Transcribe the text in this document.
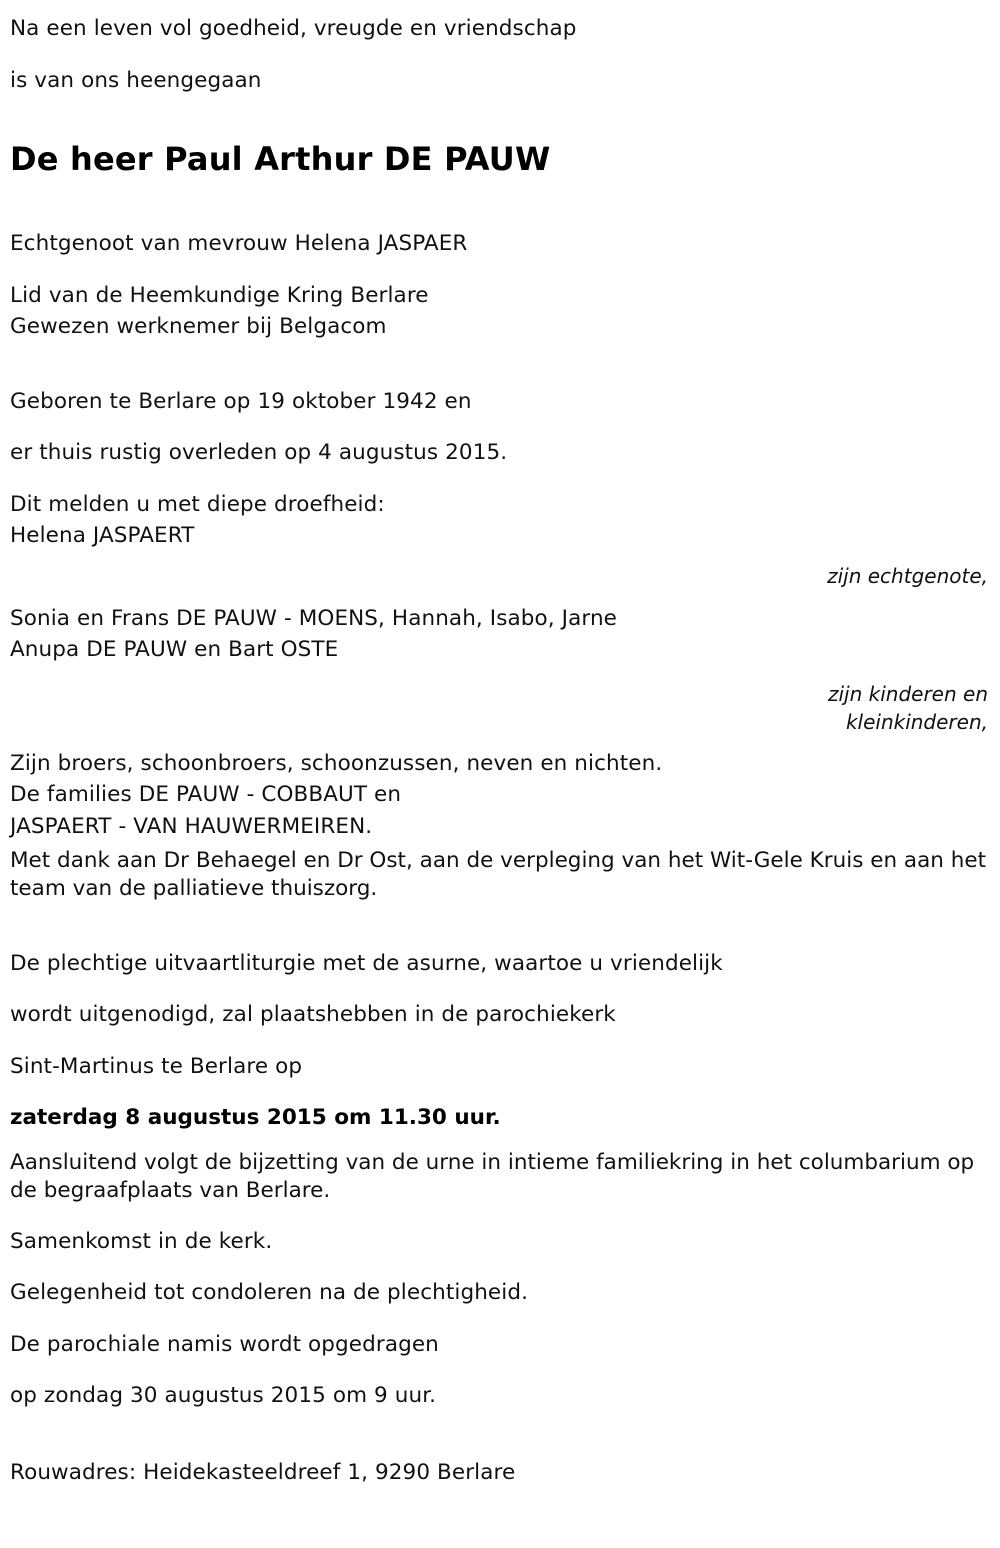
Na een leven vol goedheid, vreugde en vriendschap
is van ons heengegaan
De heer Paul Arthur DE PAUW
Echtgenoot van mevrouw Helena JASPAER
Lid van de Heemkundige Kring Berlare
Gewezen werknemer bij Belgacom
Geboren te Berlare op 19 oktober 1942 en
er thuis rustig overleden op 4 augustus 2015.
Dit melden u met diepe droefheid:
Helena JASPAERT
zijn echtgenote,
Sonia en Frans DE PAUW - MOENS, Hannah, Isabo, Jarne
Anupa DE PAUW en Bart OSTE
zijn kinderen en
kleinkinderen,
Zijn broers, schoonbroers, schoonzussen, neven en nichten.
De families DE PAUW - COBBAUT en
JASPAERT - VAN HAUWERMEIREN.
Met dank aan Dr Behaegel en Dr Ost, aan de verpleging van het Wit-Gele Kruis en aan het team van de palliatieve thuiszorg.
De plechtige uitvaartliturgie met de asurne, waartoe u vriendelijk
wordt uitgenodigd, zal plaatshebben in de parochiekerk
Sint-Martinus te Berlare op
zaterdag 8 augustus 2015 om 11.30 uur.
Aansluitend volgt de bijzetting van de urne in intieme familiekring in het columbarium op de begraafplaats van Berlare.
Samenkomst in de kerk.
Gelegenheid tot condoleren na de plechtigheid.
De parochiale namis wordt opgedragen
op zondag 30 augustus 2015 om 9 uur.
Rouwadres: Heidekasteeldreef 1, 9290 Berlare
